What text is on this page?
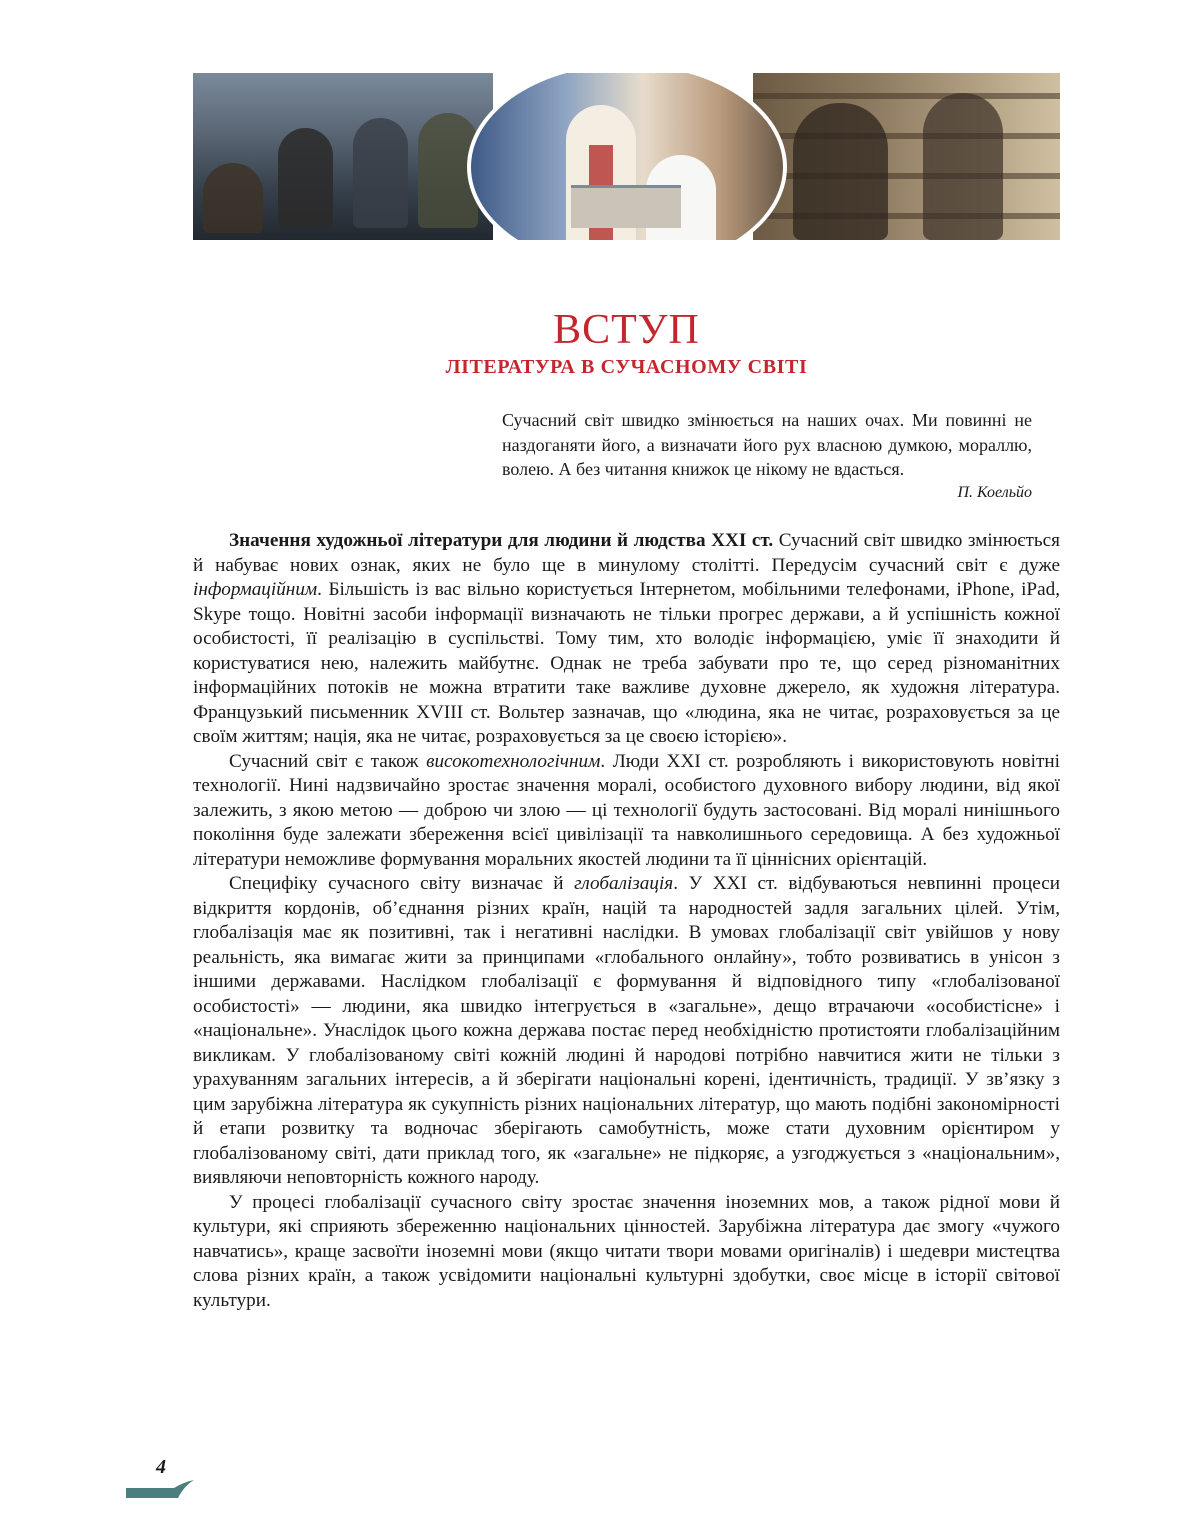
ВСТУП
ЛІТЕРАТУРА В СУЧАСНОМУ СВІТІ
Сучасний світ швидко змінюється на наших очах. Ми повинні не наздоганяти його, а визначати його рух власною думкою, мораллю, волею. А без читання книжок це нікому не вдасться.
П. Коельйо

Значення художньої літератури для людини й людства XXI ст. Сучасний світ швидко змінюється й набуває нових ознак, яких не було ще в минулому столітті. Передусім сучасний світ є дуже інформаційним. Більшість із вас вільно користується Інтернетом, мобільними телефонами, iPhone, iPad, Skype тощо. Новітні засоби інформації визначають не тільки прогрес держави, а й успішність кожної особистості, її реалізацію в суспільстві. Тому тим, хто володіє інформацією, уміє її знаходити й користуватися нею, належить майбутнє. Однак не треба забувати про те, що серед різноманітних інформаційних потоків не можна втратити таке важливе духовне джерело, як художня література. Французький письменник XVIII ст. Вольтер зазначав, що «людина, яка не читає, розраховується за це своїм життям; нація, яка не читає, розраховується за це своєю історією».

Сучасний світ є також високотехнологічним. Люди XXI ст. розробляють і використовують новітні технології. Нині надзвичайно зростає значення моралі, особистого духовного вибору людини, від якої залежить, з якою метою — доброю чи злою — ці технології будуть застосовані. Від моралі нинішнього покоління буде залежати збереження всієї цивілізації та навколишнього середовища. А без художньої літератури неможливе формування моральних якостей людини та її ціннісних орієнтацій.

Специфіку сучасного світу визначає й глобалізація. У XXI ст. відбуваються невпинні процеси відкриття кордонів, об’єднання різних країн, націй та народностей задля загальних цілей. Утім, глобалізація має як позитивні, так і негативні наслідки. В умовах глобалізації світ увійшов у нову реальність, яка вимагає жити за принципами «глобального онлайну», тобто розвиватись в унісон з іншими державами. Наслідком глобалізації є формування й відповідного типу «глобалізованої особистості» — людини, яка швидко інтегрується в «загальне», дещо втрачаючи «особистісне» і «національне». Унаслідок цього кожна держава постає перед необхідністю протистояти глобалізаційним викликам. У глобалізованому світі кожній людині й народові потрібно навчитися жити не тільки з урахуванням загальних інтересів, а й зберігати національні корені, ідентичність, традиції. У зв’язку з цим зарубіжна література як сукупність різних національних літератур, що мають подібні закономірності й етапи розвитку та водночас зберігають самобутність, може стати духовним орієнтиром у глобалізованому світі, дати приклад того, як «загальне» не підкоряє, а узгоджується з «національним», виявляючи неповторність кожного народу.

У процесі глобалізації сучасного світу зростає значення іноземних мов, а також рідної мови й культури, які сприяють збереженню національних цінностей. Зарубіжна література дає змогу «чужого навчатись», краще засвоїти іноземні мови (якщо читати твори мовами оригіналів) і шедеври мистецтва слова різних країн, а також усвідомити національні культурні здобутки, своє місце в історії світової культури.

4
